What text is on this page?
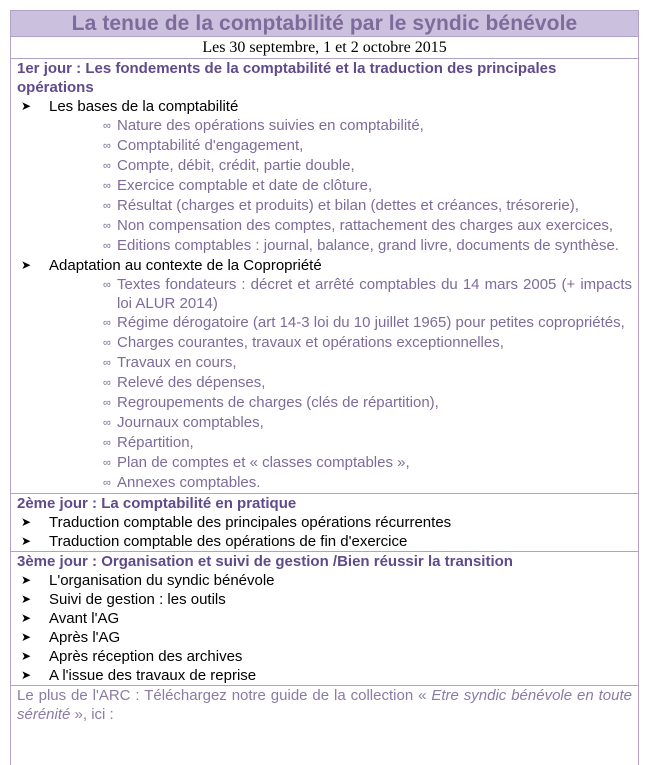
La tenue de la comptabilité par le syndic bénévole
Les 30 septembre, 1 et 2 octobre 2015
1er jour : Les fondements de la comptabilité et la traduction des principales opérations
➤	Les bases de la comptabilité
∞ Nature des opérations suivies en comptabilité,
∞ Comptabilité d'engagement,
∞ Compte, débit, crédit, partie double,
∞ Exercice comptable et date de clôture,
∞ Résultat (charges et produits) et bilan (dettes et créances, trésorerie),
∞ Non compensation des comptes, rattachement des charges aux exercices,
∞ Editions comptables : journal, balance, grand livre, documents de synthèse.
➤	Adaptation au contexte de la Copropriété
∞ Textes fondateurs : décret et arrêté comptables du 14 mars 2005 (+ impacts loi ALUR 2014)
∞ Régime dérogatoire (art 14-3 loi du 10 juillet 1965) pour petites copropriétés,
∞ Charges courantes, travaux et opérations exceptionnelles,
∞ Travaux en cours,
∞ Relevé des dépenses,
∞ Regroupements de charges (clés de répartition),
∞ Journaux comptables,
∞ Répartition,
∞ Plan de comptes et « classes comptables »,
∞ Annexes comptables.
2ème jour : La comptabilité en pratique
➤	Traduction comptable des principales opérations récurrentes
➤	Traduction comptable des opérations de fin d'exercice
3ème jour : Organisation et suivi de gestion /Bien réussir la transition
➤	L'organisation du syndic bénévole
➤	Suivi de gestion : les outils
➤	Avant l'AG
➤	Après l'AG
➤	Après réception des archives
➤	A l'issue des travaux de reprise
Le plus de l'ARC : Téléchargez notre guide de la collection « Etre syndic bénévole en toute sérénité », ici :
